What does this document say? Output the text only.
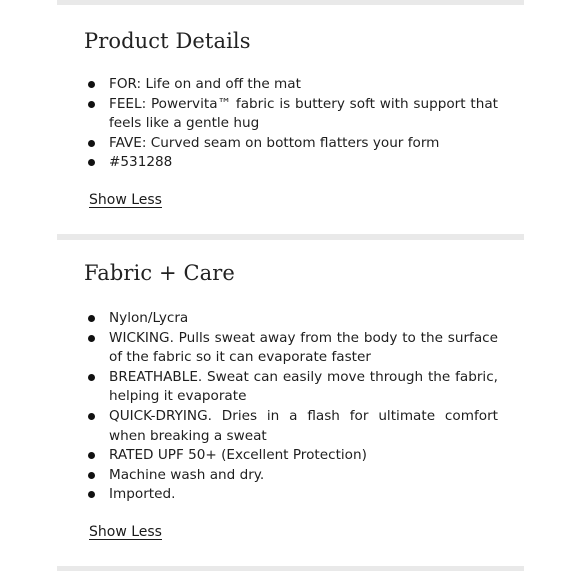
Product Details
FOR: Life on and off the mat
FEEL: Powervita™ fabric is buttery soft with support that feels like a gentle hug
FAVE: Curved seam on bottom flatters your form
#531288
Show Less
Fabric + Care
Nylon/Lycra
WICKING. Pulls sweat away from the body to the surface of the fabric so it can evaporate faster
BREATHABLE. Sweat can easily move through the fabric, helping it evaporate
QUICK-DRYING. Dries in a flash for ultimate comfort when breaking a sweat
RATED UPF 50+ (Excellent Protection)
Machine wash and dry.
Imported.
Show Less
